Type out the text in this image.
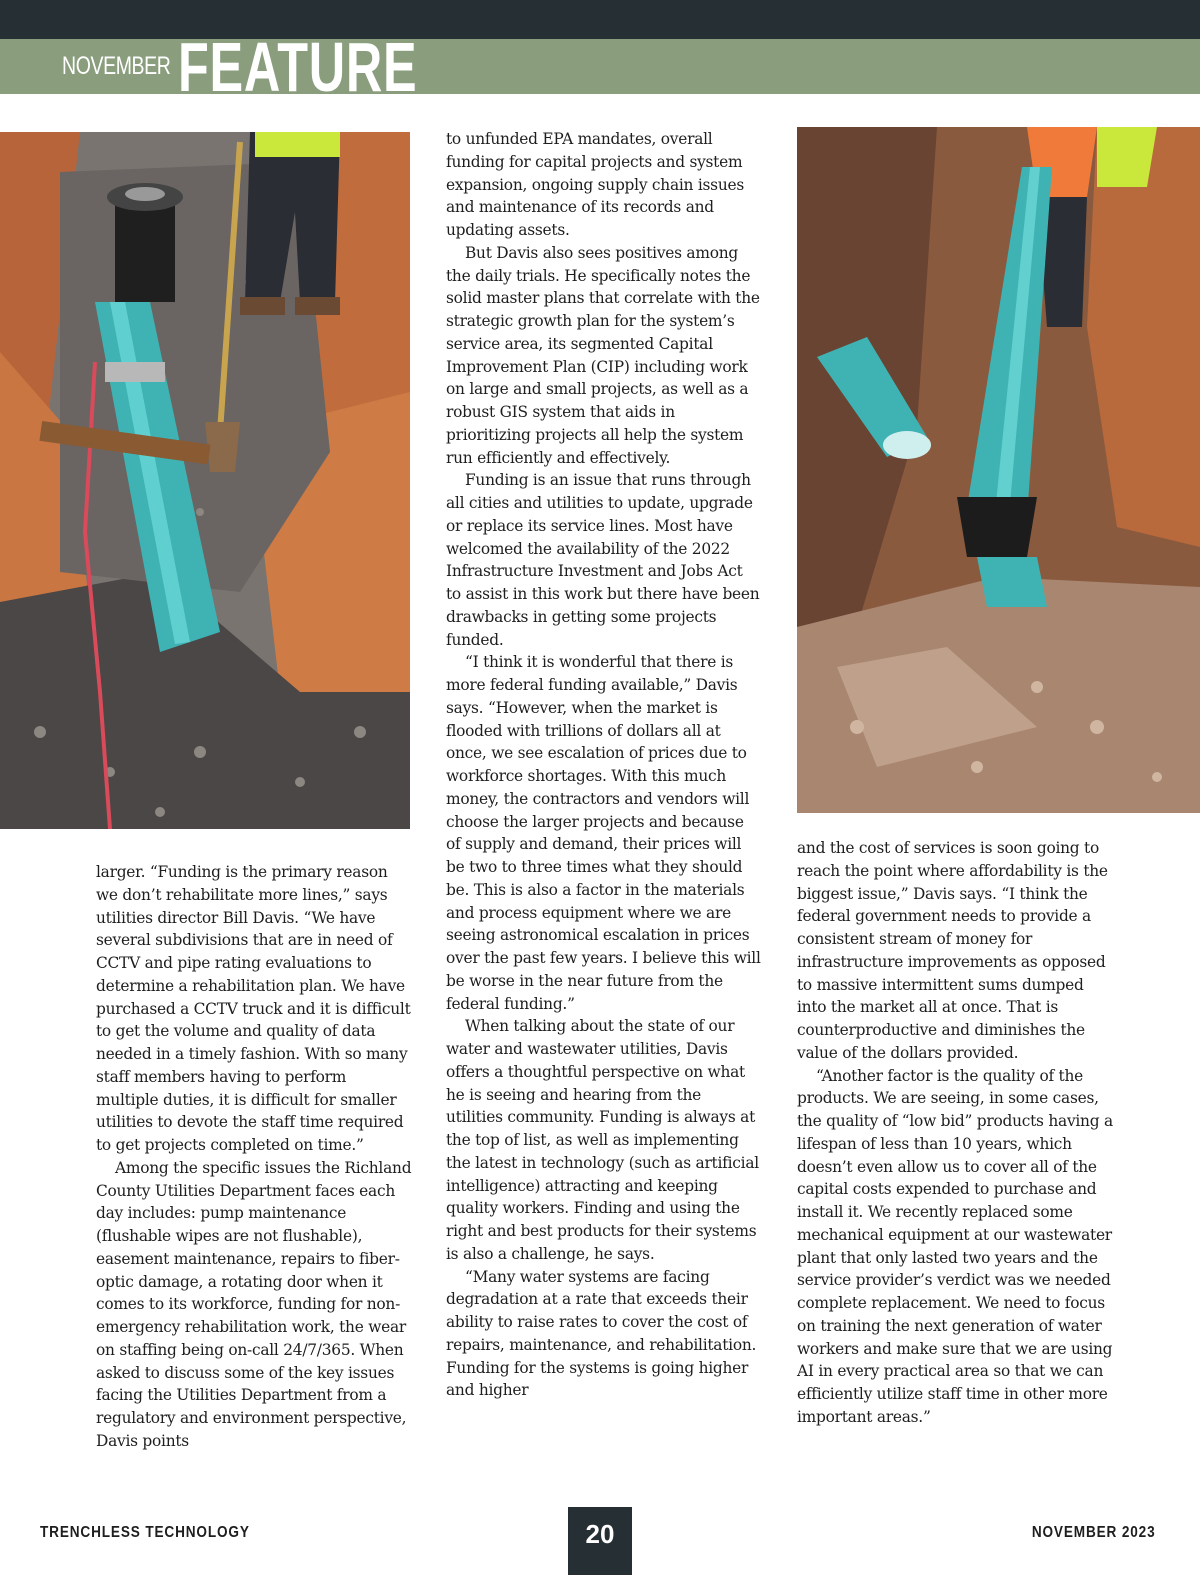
NOVEMBER FEATURE

larger. “Funding is the primary reason we don’t rehabilitate more lines,” says utilities director Bill Davis. “We have several subdivisions that are in need of CCTV and pipe rating evaluations to determine a rehabilitation plan. We have purchased a CCTV truck and it is difficult to get the volume and quality of data needed in a timely fashion. With so many staff members having to perform multiple duties, it is difficult for smaller utilities to devote the staff time required to get projects completed on time.”

Among the specific issues the Richland County Utilities Department faces each day includes: pump maintenance (flushable wipes are not flushable), easement maintenance, repairs to fiber-optic damage, a rotating door when it comes to its workforce, funding for non-emergency rehabilitation work, the wear on staffing being on-call 24/7/365. When asked to discuss some of the key issues facing the Utilities Department from a regulatory and environment perspective, Davis points

to unfunded EPA mandates, overall funding for capital projects and system expansion, ongoing supply chain issues and maintenance of its records and updating assets.

But Davis also sees positives among the daily trials. He specifically notes the solid master plans that correlate with the strategic growth plan for the system’s service area, its segmented Capital Improvement Plan (CIP) including work on large and small projects, as well as a robust GIS system that aids in prioritizing projects all help the system run efficiently and effectively.

Funding is an issue that runs through all cities and utilities to update, upgrade or replace its service lines. Most have welcomed the availability of the 2022 Infrastructure Investment and Jobs Act to assist in this work but there have been drawbacks in getting some projects funded.

“I think it is wonderful that there is more federal funding available,” Davis says. “However, when the market is flooded with trillions of dollars all at once, we see escalation of prices due to workforce shortages. With this much money, the contractors and vendors will choose the larger projects and because of supply and demand, their prices will be two to three times what they should be. This is also a factor in the materials and process equipment where we are seeing astronomical escalation in prices over the past few years. I believe this will be worse in the near future from the federal funding.”

When talking about the state of our water and wastewater utilities, Davis offers a thoughtful perspective on what he is seeing and hearing from the utilities community. Funding is always at the top of list, as well as implementing the latest in technology (such as artificial intelligence) attracting and keeping quality workers. Finding and using the right and best products for their systems is also a challenge, he says.

“Many water systems are facing degradation at a rate that exceeds their ability to raise rates to cover the cost of repairs, maintenance, and rehabilitation. Funding for the systems is going higher and higher

and the cost of services is soon going to reach the point where affordability is the biggest issue,” Davis says. “I think the federal government needs to provide a consistent stream of money for infrastructure improvements as opposed to massive intermittent sums dumped into the market all at once. That is counterproductive and diminishes the value of the dollars provided.

“Another factor is the quality of the products. We are seeing, in some cases, the quality of “low bid” products having a lifespan of less than 10 years, which doesn’t even allow us to cover all of the capital costs expended to purchase and install it. We recently replaced some mechanical equipment at our wastewater plant that only lasted two years and the service provider’s verdict was we needed complete replacement. We need to focus on training the next generation of water workers and make sure that we are using AI in every practical area so that we can efficiently utilize staff time in other more important areas.”

TRENCHLESS TECHNOLOGY	20	NOVEMBER 2023
